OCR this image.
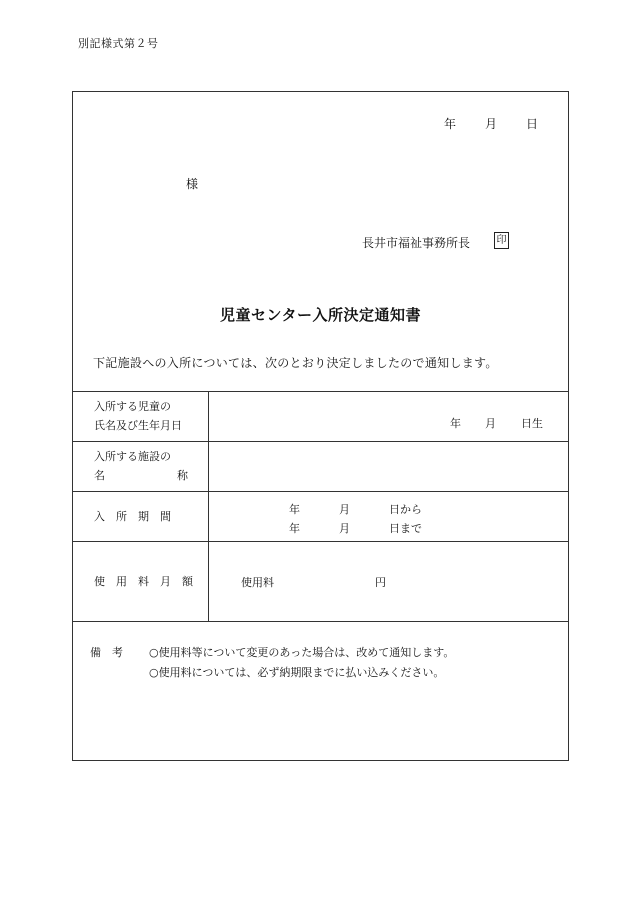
別記様式第２号
年 月 日
様
長井市福祉事務所長	印
児童センター入所決定通知書
下記施設への入所については、次のとおり決定しましたので通知します。
入所する児童の
氏名及び生年月日	年 月 日生
入所する施設の
名	称
入　所　期　間
年	月	日から
年	月	日まで
使　用　料　月　額	使用料	円
備　考 ○使用料等について変更のあった場合は、改めて通知します。
○使用料については、必ず納期限までに払い込みください。
